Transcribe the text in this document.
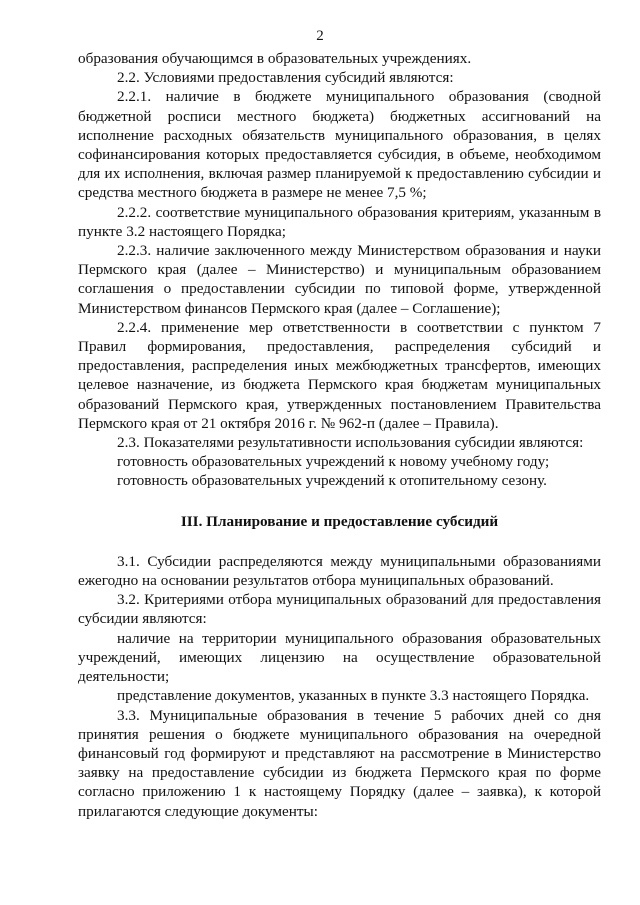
2

образования обучающимся в образовательных учреждениях.

2.2. Условиями предоставления субсидий являются:

2.2.1. наличие в бюджете муниципального образования (сводной бюджетной росписи местного бюджета) бюджетных ассигнований на исполнение расходных обязательств муниципального образования, в целях софинансирования которых предоставляется субсидия, в объеме, необходимом для их исполнения, включая размер планируемой к предоставлению субсидии и средства местного бюджета в размере не менее 7,5 %;

2.2.2. соответствие муниципального образования критериям, указанным в пункте 3.2 настоящего Порядка;

2.2.3. наличие заключенного между Министерством образования и науки Пермского края (далее – Министерство) и муниципальным образованием соглашения о предоставлении субсидии по типовой форме, утвержденной Министерством финансов Пермского края (далее – Соглашение);

2.2.4. применение мер ответственности в соответствии с пунктом 7 Правил формирования, предоставления, распределения субсидий и предоставления, распределения иных межбюджетных трансфертов, имеющих целевое назначение, из бюджета Пермского края бюджетам муниципальных образований Пермского края, утвержденных постановлением Правительства Пермского края от 21 октября 2016 г. № 962-п (далее – Правила).

2.3. Показателями результативности использования субсидии являются:

готовность образовательных учреждений к новому учебному году;

готовность образовательных учреждений к отопительному сезону.

III. Планирование и предоставление субсидий

3.1. Субсидии распределяются между муниципальными образованиями ежегодно на основании результатов отбора муниципальных образований.

3.2. Критериями отбора муниципальных образований для предоставления субсидии являются:

наличие на территории муниципального образования образовательных учреждений, имеющих лицензию на осуществление образовательной деятельности;

представление документов, указанных в пункте 3.3 настоящего Порядка.

3.3. Муниципальные образования в течение 5 рабочих дней со дня принятия решения о бюджете муниципального образования на очередной финансовый год формируют и представляют на рассмотрение в Министерство заявку на предоставление субсидии из бюджета Пермского края по форме согласно приложению 1 к настоящему Порядку (далее – заявка), к которой прилагаются следующие документы:
